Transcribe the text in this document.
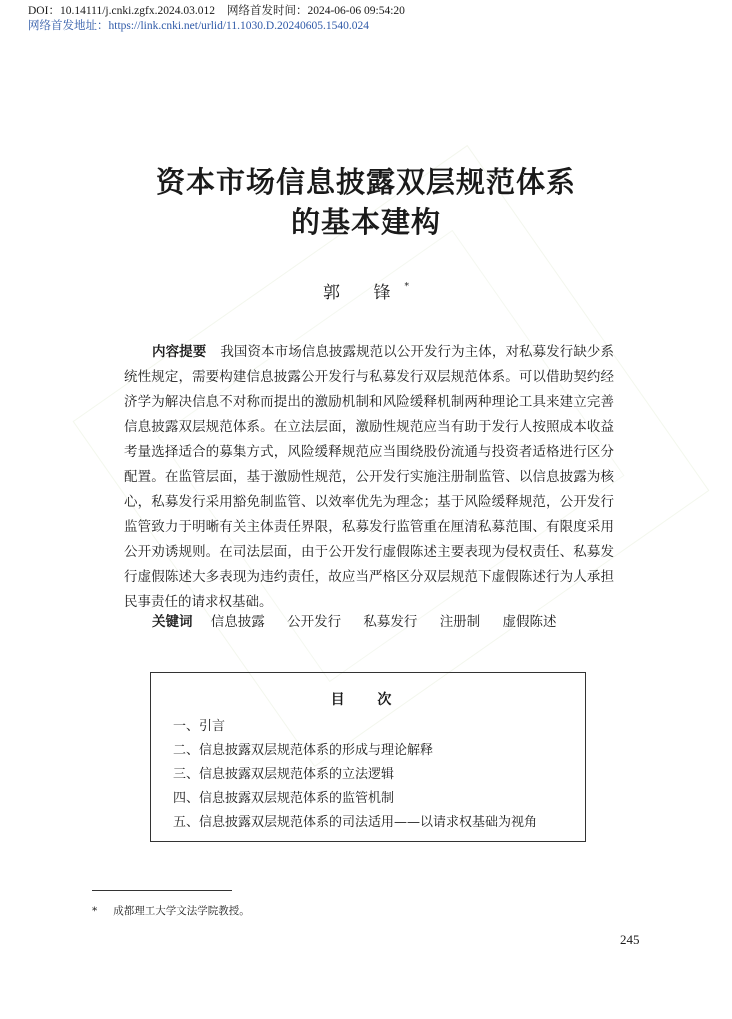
DOI：10.14111/j.cnki.zgfx.2024.03.012 网络首发时间：2024-06-06 09:54:20
网络首发地址：https://link.cnki.net/urlid/11.1030.D.20240605.1540.024
资本市场信息披露双层规范体系
的基本建构
郭 锋*

内容提要 我国资本市场信息披露规范以公开发行为主体，对私募发行缺少系统性规定，需要构建信息披露公开发行与私募发行双层规范体系。可以借助契约经济学为解决信息不对称而提出的激励机制和风险缓释机制两种理论工具来建立完善信息披露双层规范体系。在立法层面，激励性规范应当有助于发行人按照成本收益考量选择适合的募集方式，风险缓释规范应当围绕股份流通与投资者适格进行区分配置。在监管层面，基于激励性规范，公开发行实施注册制监管、以信息披露为核心，私募发行采用豁免制监管、以效率优先为理念；基于风险缓释规范，公开发行监管致力于明晰有关主体责任界限，私募发行监管重在厘清私募范围、有限度采用公开劝诱规则。在司法层面，由于公开发行虚假陈述主要表现为侵权责任、私募发行虚假陈述大多表现为违约责任，故应当严格区分双层规范下虚假陈述行为人承担民事责任的请求权基础。

关键词 信息披露 公开发行 私募发行 注册制 虚假陈述
目 次
一、引言
二、信息披露双层规范体系的形成与理论解释
三、信息披露双层规范体系的立法逻辑
四、信息披露双层规范体系的监管机制
五、信息披露双层规范体系的司法适用——以请求权基础为视角
* 成都理工大学文法学院教授。
245
